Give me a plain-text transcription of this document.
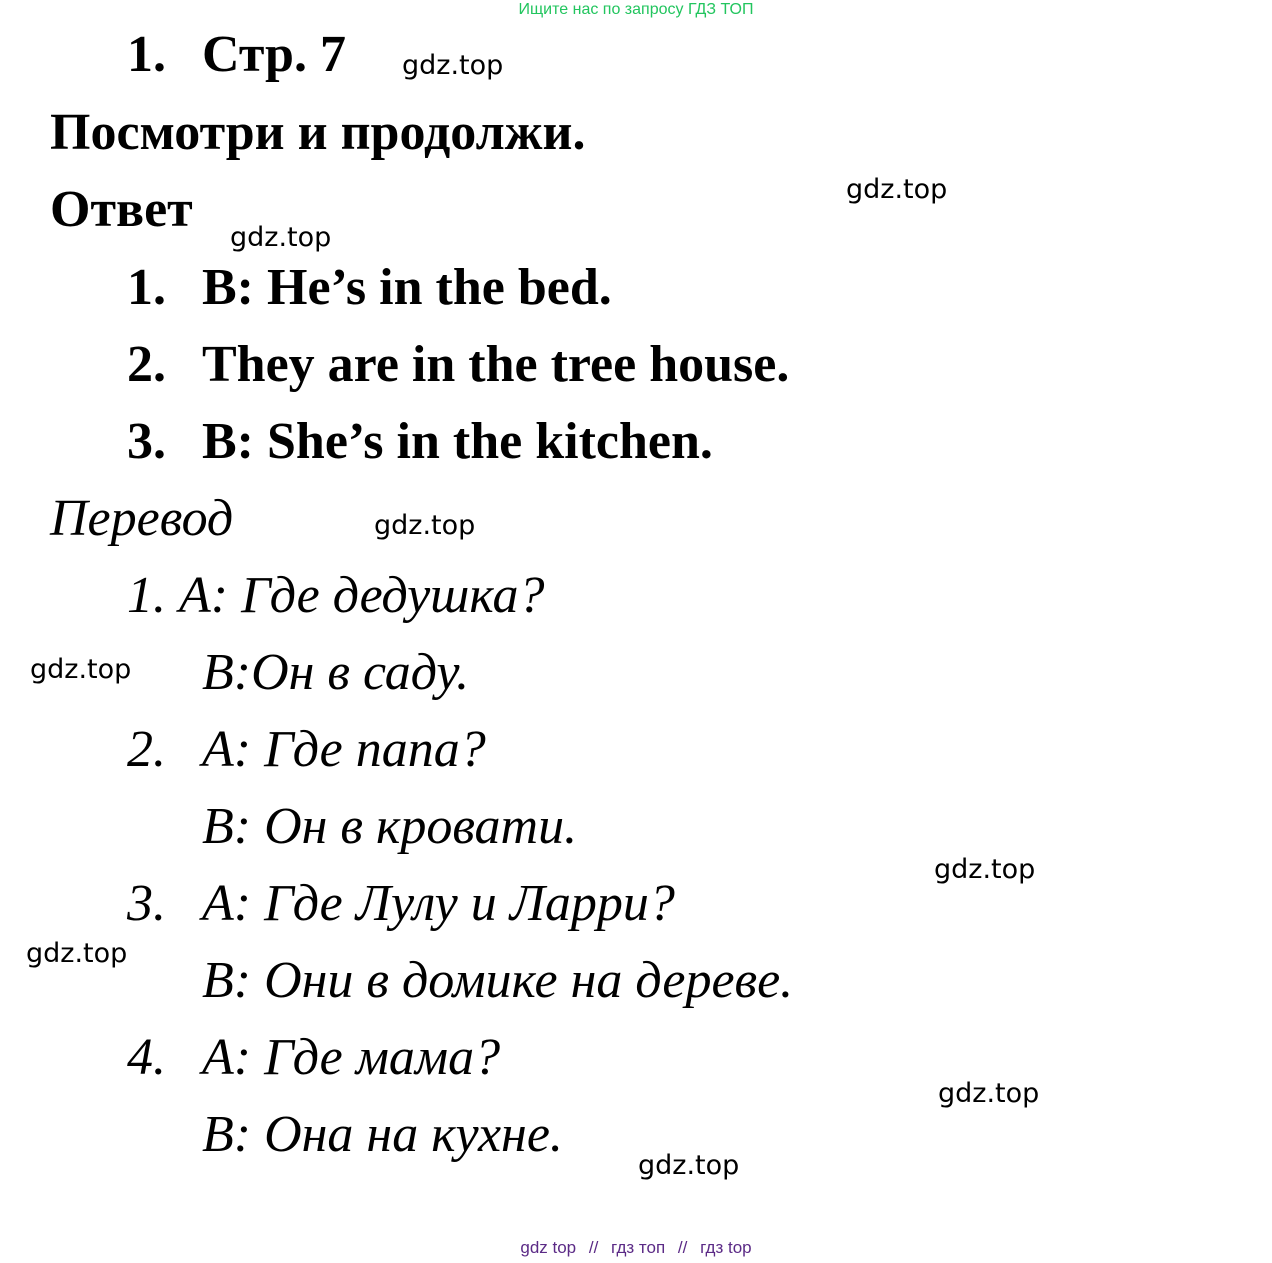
Ищите нас по запросу ГДЗ ТОП
1. Стр. 7
Посмотри и продолжи.
Ответ
1. B: He’s in the bed.
2. They are in the tree house.
3. B: She’s in the kitchen.
Перевод
1. А: Где дедушка?
В:Он в саду.
2. А: Где папа?
В: Он в кровати.
3. А: Где Лулу и Ларри?
В: Они в домике на дереве.
4. А: Где мама?
В: Она на кухне.
gdz.top
gdz.top
gdz.top
gdz.top
gdz.top
gdz.top
gdz.top
gdz.top
gdz.top
gdz top // гдз топ // гдз top
